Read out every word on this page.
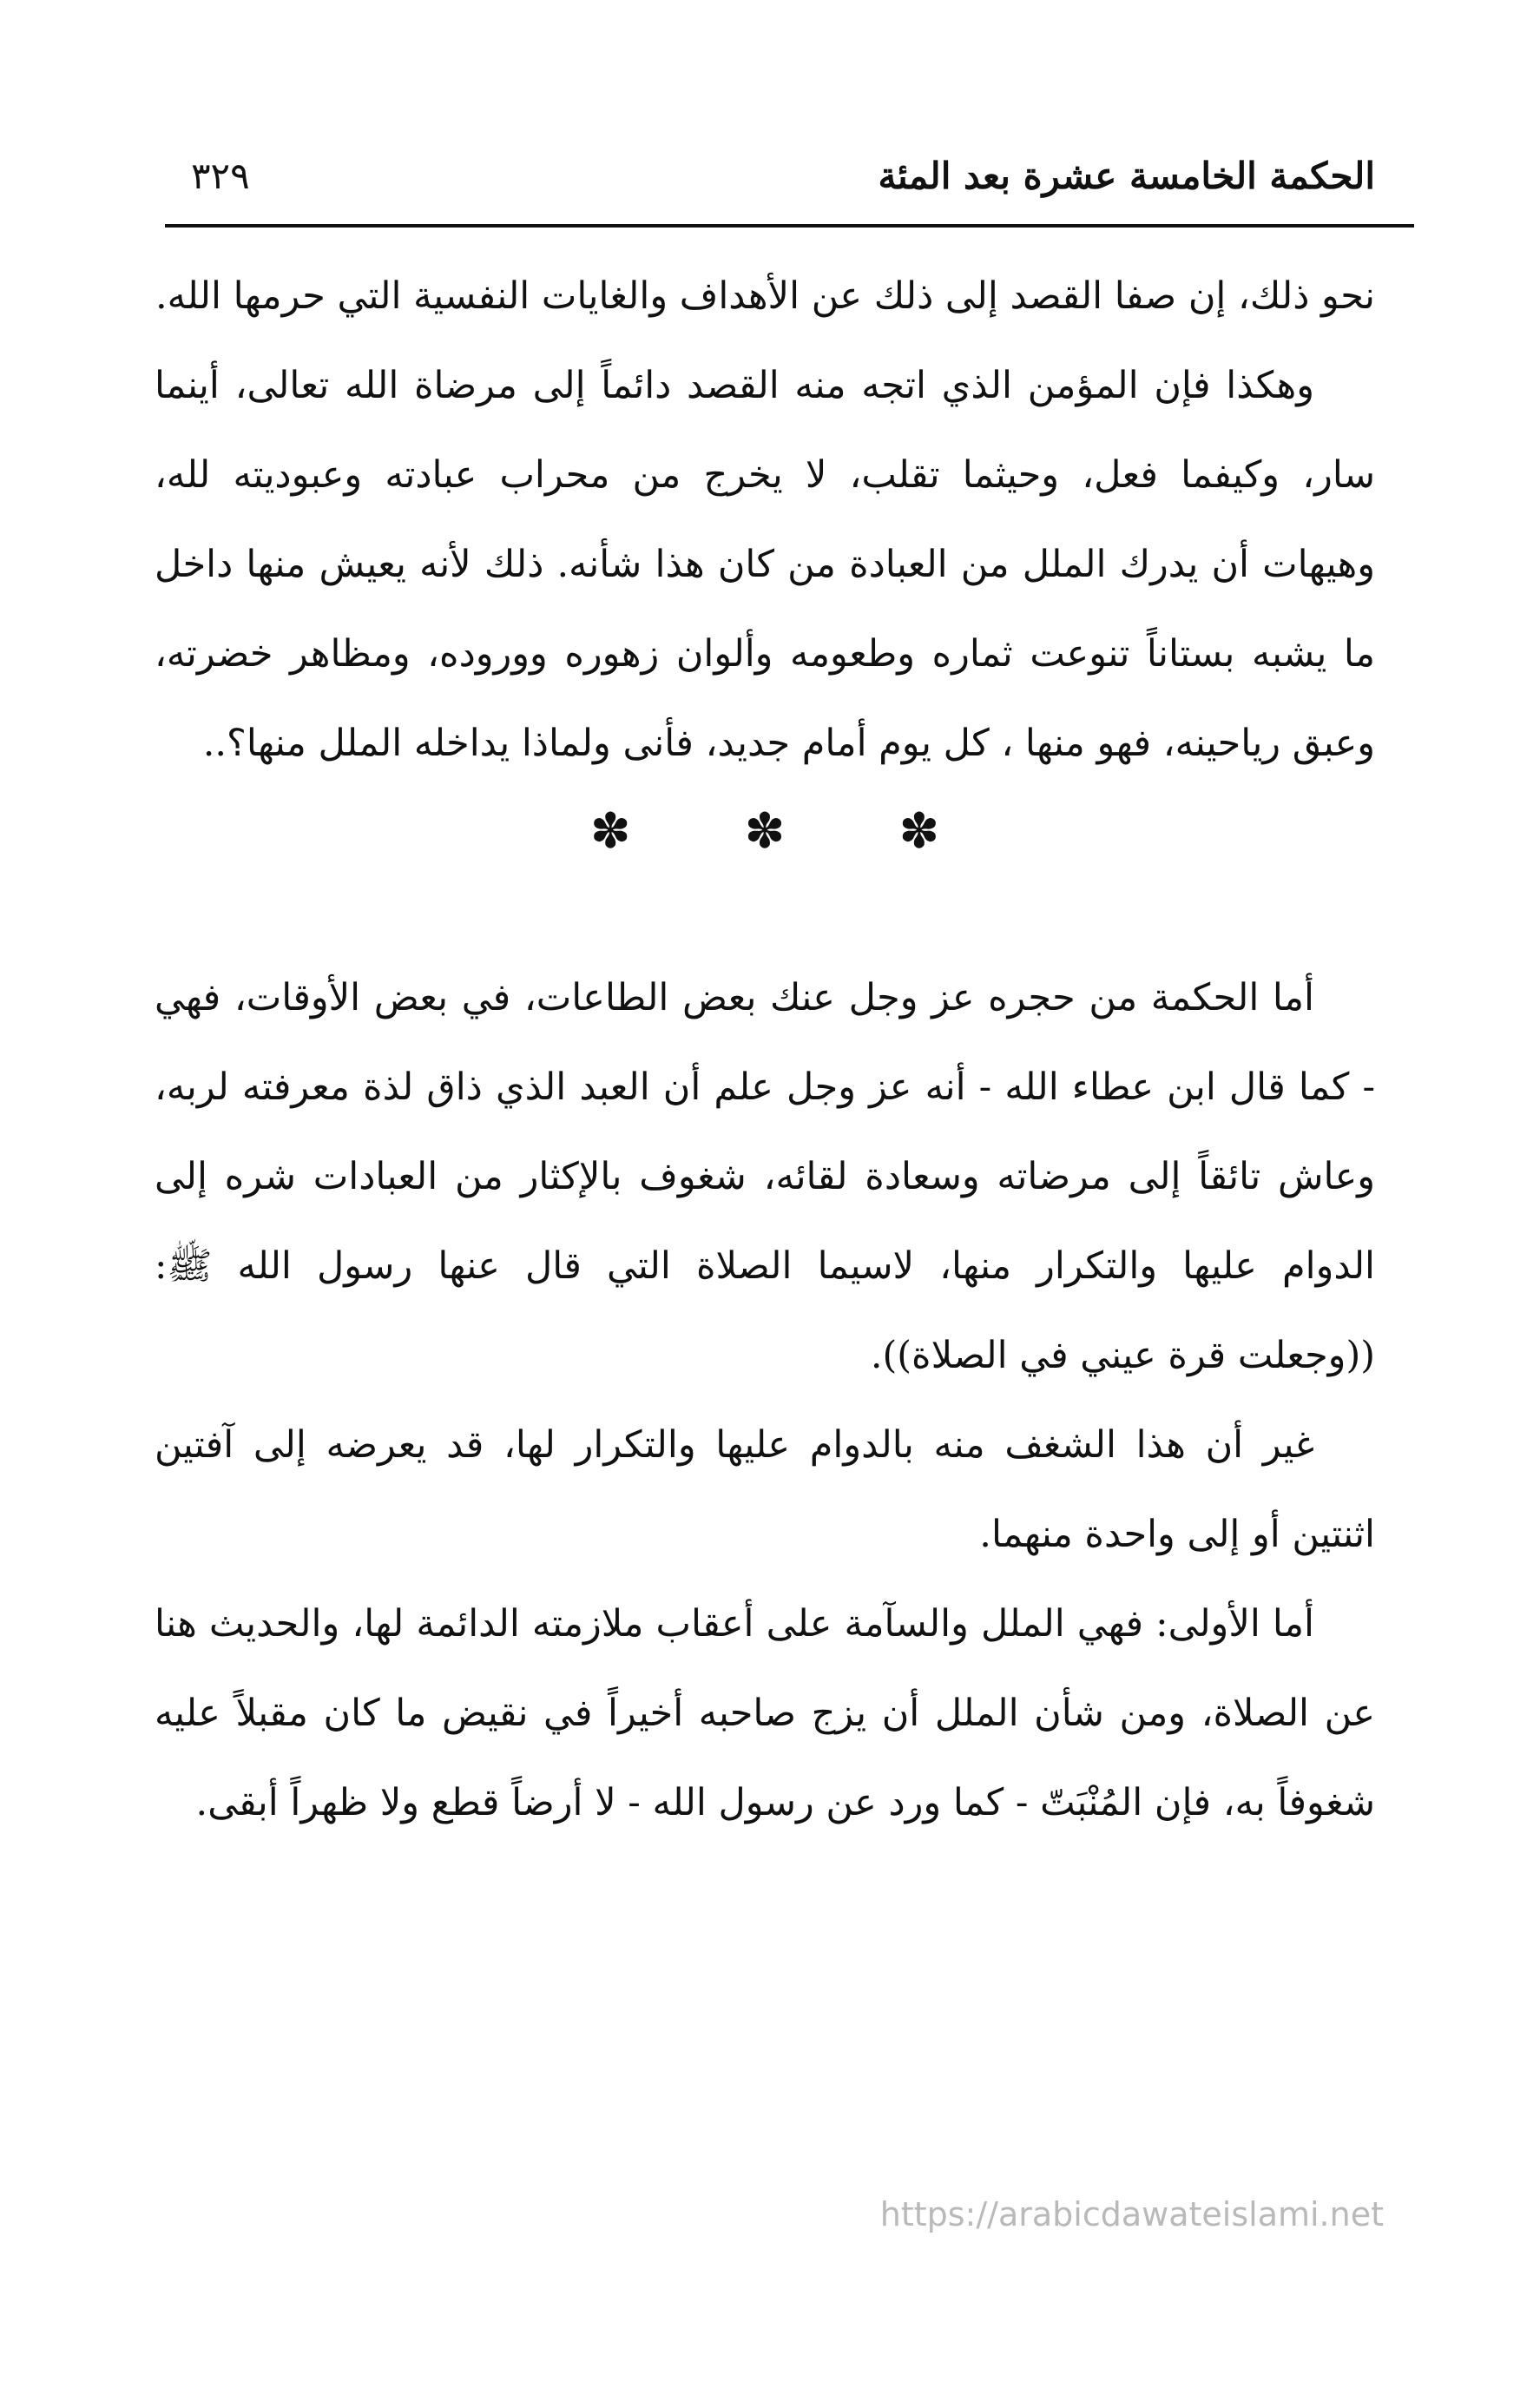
الحكمة الخامسة عشرة بعد المئة
٣٢٩

نحو ذلك، إن صفا القصد إلى ذلك عن الأهداف والغايات النفسية التي حرمها الله.

وهكذا فإن المؤمن الذي اتجه منه القصد دائماً إلى مرضاة الله تعالى، أينما سار، وكيفما فعل، وحيثما تقلب، لا يخرج من محراب عبادته وعبوديته لله، وهيهات أن يدرك الملل من العبادة من كان هذا شأنه. ذلك لأنه يعيش منها داخل ما يشبه بستاناً تنوعت ثماره وطعومه وألوان زهوره ووروده، ومظاهر خضرته، وعبق رياحينه، فهو منها ، كل يوم أمام جديد، فأنى ولماذا يداخله الملل منها؟..

✽ ✽ ✽

أما الحكمة من حجره عز وجل عنك بعض الطاعات، في بعض الأوقات، فهي - كما قال ابن عطاء الله - أنه عز وجل علم أن العبد الذي ذاق لذة معرفته لربه، وعاش تائقاً إلى مرضاته وسعادة لقائه، شغوف بالإكثار من العبادات شره إلى الدوام عليها والتكرار منها، لاسيما الصلاة التي قال عنها رسول الله ﷺ: ((وجعلت قرة عيني في الصلاة)).

غير أن هذا الشغف منه بالدوام عليها والتكرار لها، قد يعرضه إلى آفتين اثنتين أو إلى واحدة منهما.

أما الأولى: فهي الملل والسآمة على أعقاب ملازمته الدائمة لها، والحديث هنا عن الصلاة، ومن شأن الملل أن يزج صاحبه أخيراً في نقيض ما كان مقبلاً عليه شغوفاً به، فإن المُنْبَتّ - كما ورد عن رسول الله - لا أرضاً قطع ولا ظهراً أبقى.

https://arabicdawateislami.net
